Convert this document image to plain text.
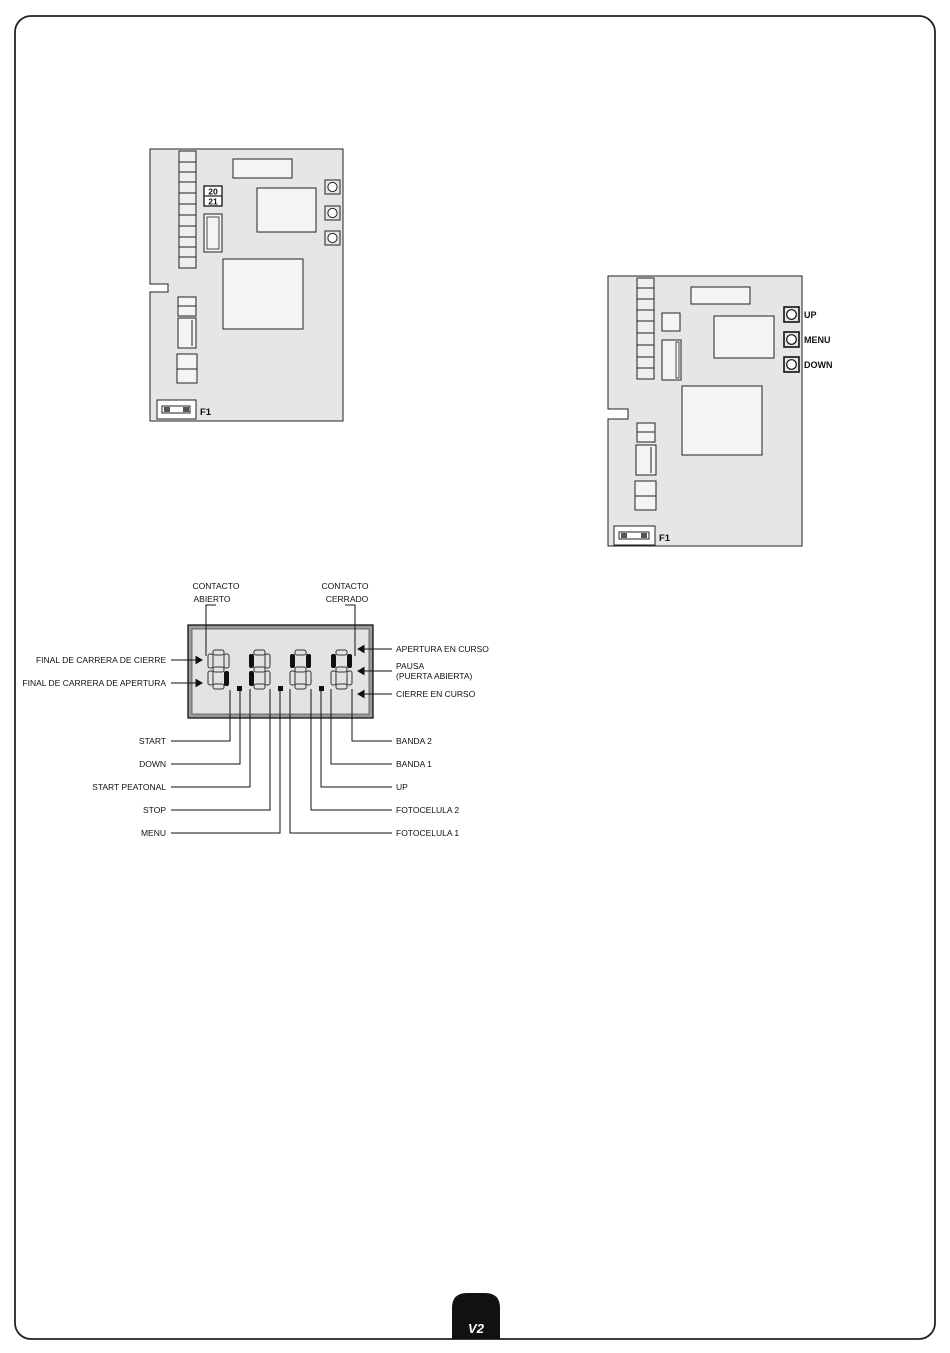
20
21
F1
F1
UP
MENU
DOWN
CONTACTO
ABIERTO
CONTACTO
CERRADO
FINAL DE CARRERA DE CIERRE
FINAL DE CARRERA DE APERTURA
APERTURA EN CURSO
PAUSA
(PUERTA ABIERTA)
CIERRE EN CURSO
START
DOWN
START PEATONAL
STOP
MENU
BANDA 2
BANDA 1
UP
FOTOCELULA 2
FOTOCELULA 1
V2
